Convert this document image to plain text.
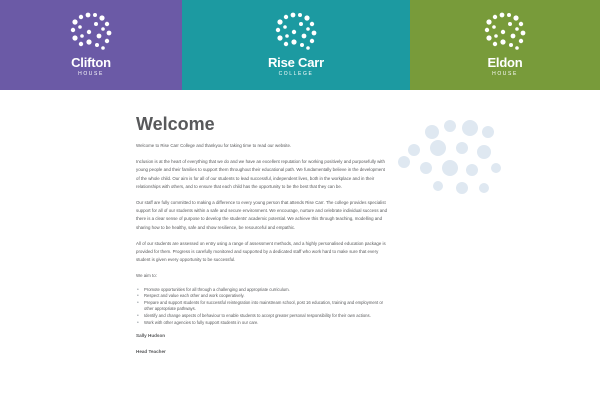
Clifton
HOUSE
Rise Carr
COLLEGE
Eldon
HOUSE
Welcome

Welcome to Rise Carr College and thankyou for taking time to read our website.

Inclusion is at the heart of everything that we do and we have an excellent reputation for working positively and purposefully with young people and their families to support them throughout their educational path. We fundamentally believe in the development of the whole child. Our aim is for all of our students to lead successful, independent lives, both in the workplace and in their relationships with others, and to ensure that each child has the opportunity to be the best that they can be.

Our staff are fully committed to making a difference to every young person that attends Rise Carr. The college provides specialist support for all of our students within a safe and secure environment. We encourage, nurture and celebrate individual success and there is a clear sense of purpose to develop the students' academic potential. We achieve this through teaching, modelling and sharing how to be healthy, safe and show resilience, be resourceful and empathic.

All of our students are assessed on entry using a range of assessment methods, and a highly personalised education package is provided for them. Progress is carefully monitored and supported by a dedicated staff who work hard to make sure that every student is given every opportunity to be successful.

We aim to:

• Promote opportunities for all through a challenging and appropriate curriculum.
• Respect and value each other and work cooperatively.
• Prepare and support students for successful reintegration into mainstream school, post 16 education, training and employment or other appropriate pathways.
• Identify and change aspects of behaviour to enable students to accept greater personal responsibility for their own actions.
• Work with other agencies to fully support students in our care.

Sally Hudson

Head Teacher
